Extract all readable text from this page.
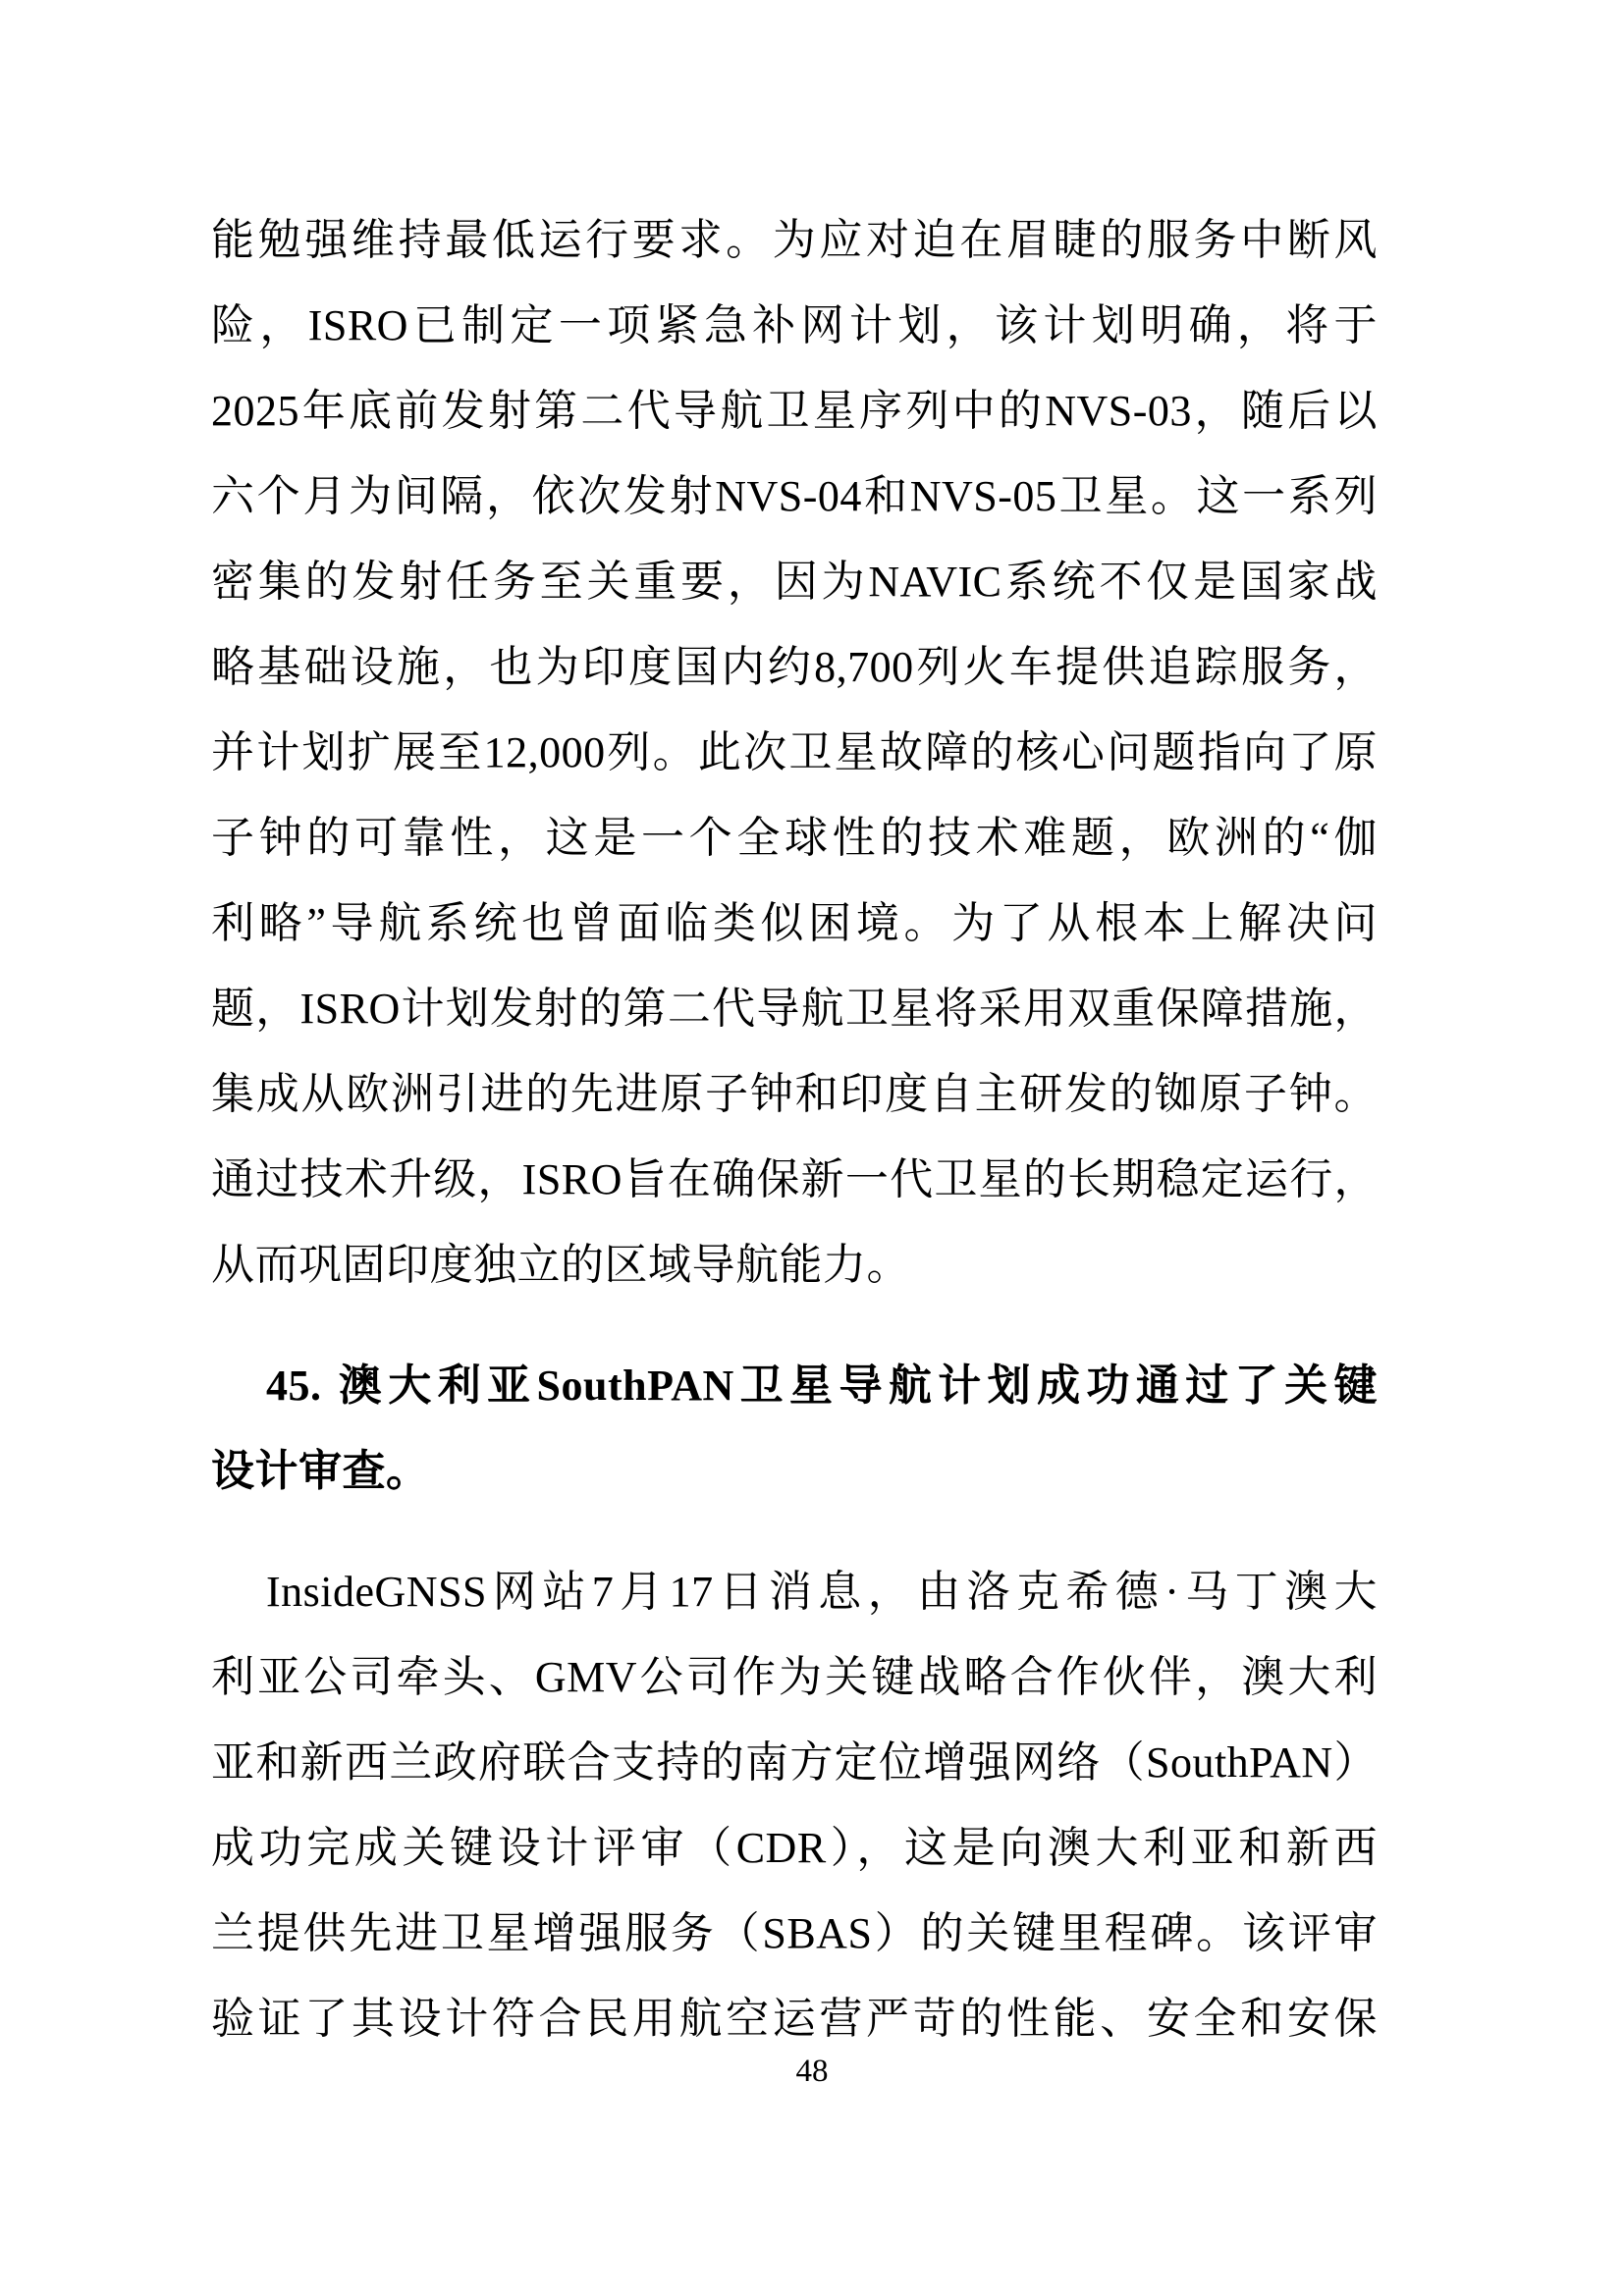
能勉强维持最低运行要求。为应对迫在眉睫的服务中断风
险，ISRO已制定一项紧急补网计划，该计划明确，将于
2025年底前发射第二代导航卫星序列中的NVS-03，随后以
六个月为间隔，依次发射NVS-04和NVS-05卫星。这一系列
密集的发射任务至关重要，因为NAVIC系统不仅是国家战
略基础设施，也为印度国内约8,700列火车提供追踪服务，
并计划扩展至12,000列。此次卫星故障的核心问题指向了原
子钟的可靠性，这是一个全球性的技术难题，欧洲的“伽
利略”导航系统也曾面临类似困境。为了从根本上解决问
题，ISRO计划发射的第二代导航卫星将采用双重保障措施，
集成从欧洲引进的先进原子钟和印度自主研发的铷原子钟。
通过技术升级，ISRO旨在确保新一代卫星的长期稳定运行，
从而巩固印度独立的区域导航能力。
45. 澳大利亚SouthPAN卫星导航计划成功通过了关键
设计审查。
InsideGNSS网站7月17日消息，由洛克希德·马丁澳大
利亚公司牵头、GMV公司作为关键战略合作伙伴，澳大利
亚和新西兰政府联合支持的南方定位增强网络（SouthPAN）
成功完成关键设计评审（CDR），这是向澳大利亚和新西
兰提供先进卫星增强服务（SBAS）的关键里程碑。该评审
验证了其设计符合民用航空运营严苛的性能、安全和安保
48
